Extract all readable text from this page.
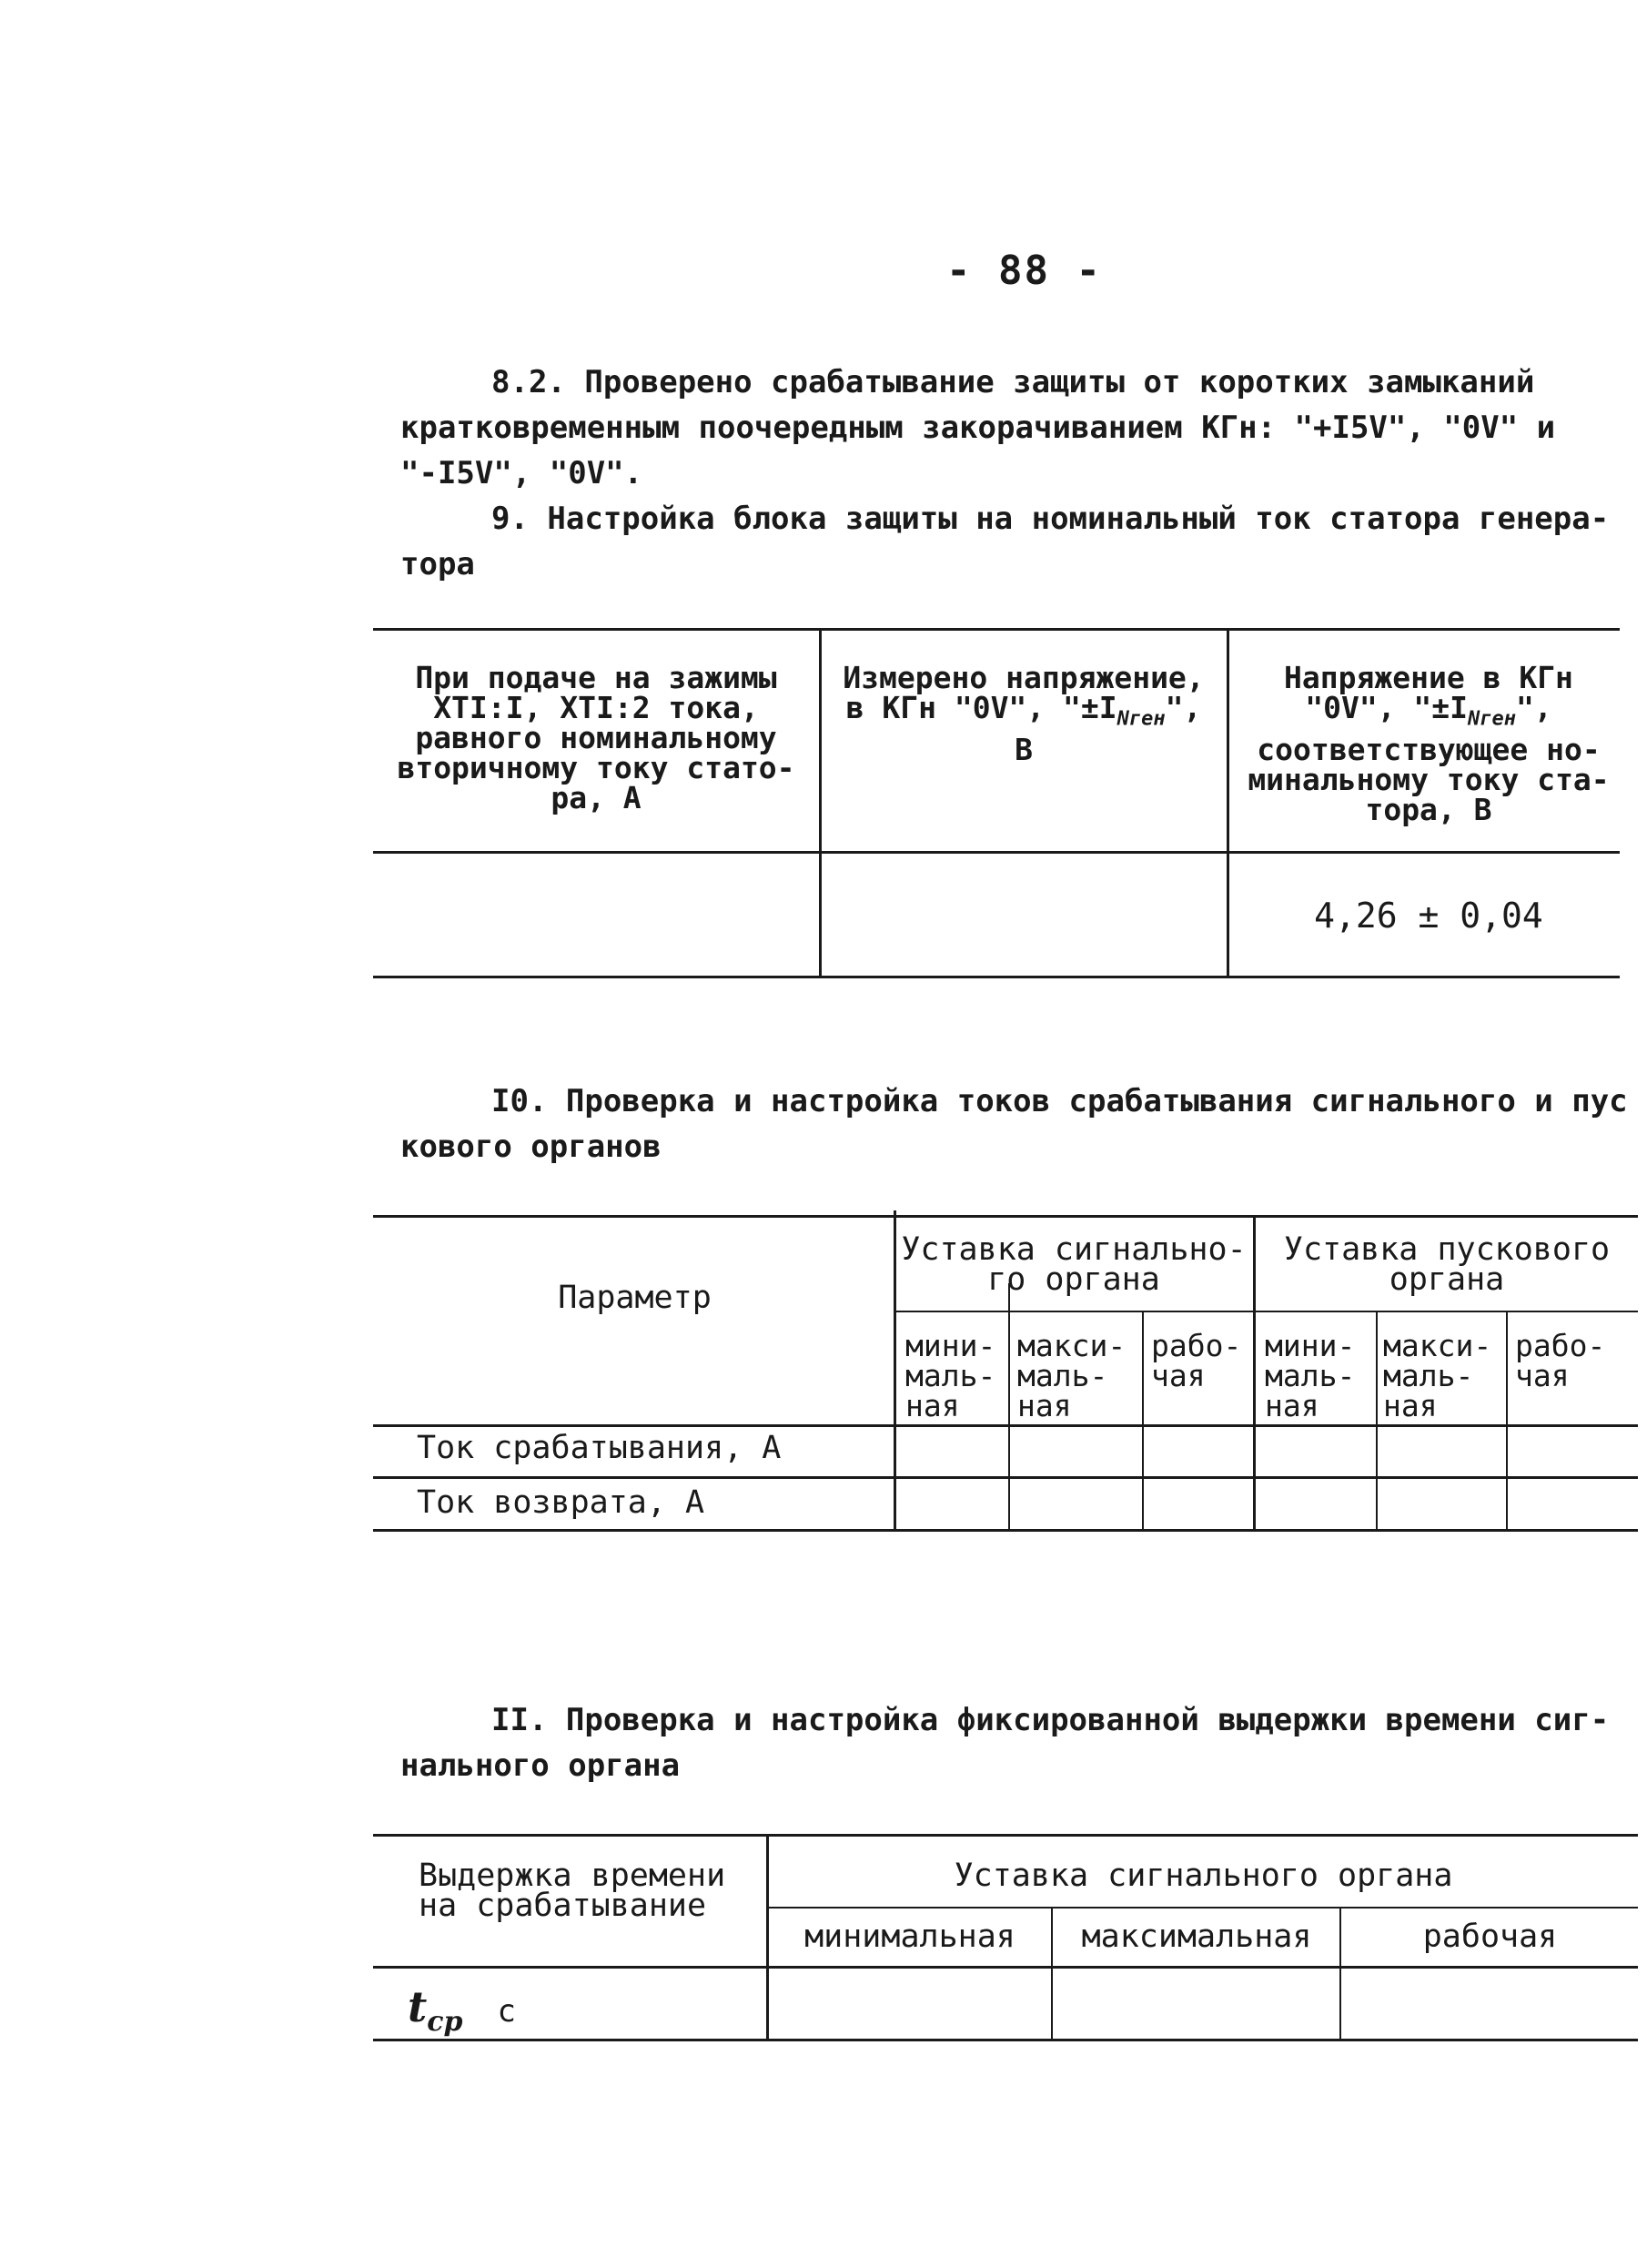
- 88 -
8.2. Проверено срабатывание защиты от коротких замыканий
кратковременным поочередным закорачиванием КГн: "+I5V", "0V" и
"-I5V", "0V".
9. Настройка блока защиты на номинальный ток статора генера-
тора
При подаче на зажимы
XTI:I, XTI:2 тока,
равного номинальному
вторичному току стато-
ра, А
Измерено напряжение,
в КГн "0V", "$\pm I_{Nген}$",
В
Напряжение в КГн
"0V", "$\pm I_{Nген}$",
соответствующее но-
минальному току ста-
тора, В
4,26 ± 0,04
I0. Проверка и настройка токов срабатывания сигнального и пус
кового органов
Параметр
Уставка сигнально-
го органа
Уставка пускового
органа
мини-
маль-
ная
макси-
маль-
ная
рабо-
чая
мини-
маль-
ная
макси-
маль-
ная
рабо-
чая
Ток срабатывания, А
Ток возврата, А
II. Проверка и настройка фиксированной выдержки времени сиг-
нального органа
Выдержка времени
на срабатывание
Уставка сигнального органа
минимальная	максимальная	рабочая
$t_{ср}$ с
